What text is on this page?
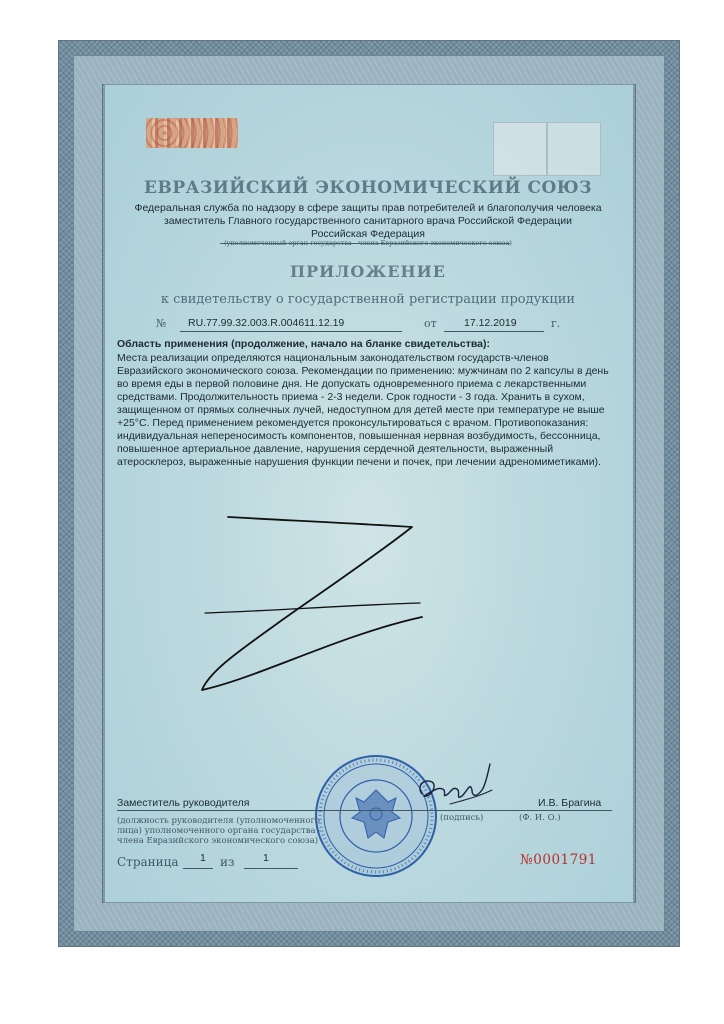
ЕВРАЗИЙСКИЙ ЭКОНОМИЧЕСКИЙ СОЮЗ
Федеральная служба по надзору в сфере защиты прав потребителей и благополучия человека
заместитель Главного государственного санитарного врача Российской Федерации
Российская Федерация
(уполномоченный орган государства - члена Евразийского экономического союза)
ПРИЛОЖЕНИЕ
к свидетельству о государственной регистрации продукции
№ RU.77.99.32.003.R.004611.12.19	от	17.12.2019	г.
Область применения (продолжение, начало на бланке свидетельства):
Места реализации определяются национальным законодательством государств-членов Евразийского экономического союза. Рекомендации по применению: мужчинам по 2 капсулы в день во время еды в первой половине дня. Не допускать одновременного приема с лекарственными средствами. Продолжительность приема - 2-3 недели. Срок годности - 3 года. Хранить в сухом, защищенном от прямых солнечных лучей, недоступном для детей месте при температуре не выше +25°С. Перед применением рекомендуется проконсультироваться с врачом. Противопоказания: индивидуальная непереносимость компонентов, повышенная нервная возбудимость, бессонница, повышенное артериальное давление, нарушения сердечной деятельности, выраженный атеросклероз, выраженные нарушения функции печени и почек, при лечении адреномиметиками).
Заместитель руководителя	И.В. Брагина
(должность руководителя (уполномоченного лица) уполномоченного органа государства - члена Евразийского экономического союза)
(подпись)	(Ф. И. О.)
Страница 1 из	1	№0001791
